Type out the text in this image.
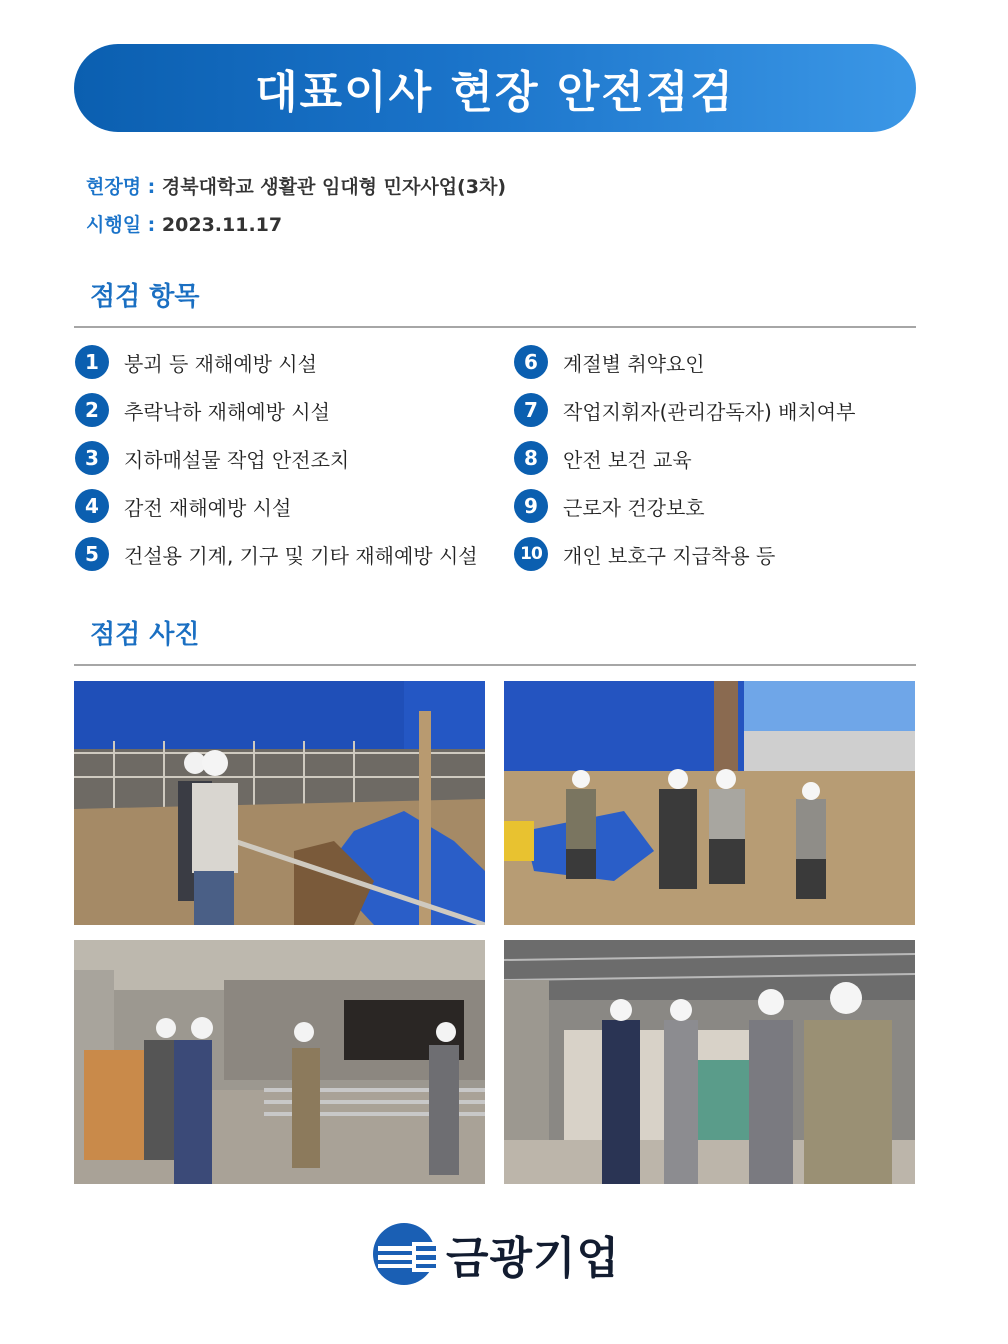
대표이사 현장 안전점검
현장명 : 경북대학교 생활관 임대형 민자사업(3차)
시행일 : 2023.11.17
점검 항목
1	붕괴 등 재해예방 시설
2	추락낙하 재해예방 시설
3	지하매설물 작업 안전조치
4	감전 재해예방 시설
5	건설용 기계, 기구 및 기타 재해예방 시설
6	계절별 취약요인
7	작업지휘자(관리감독자) 배치여부
8	안전 보건 교육
9	근로자 건강보호
10	개인 보호구 지급착용 등
점검 사진
금광기업
